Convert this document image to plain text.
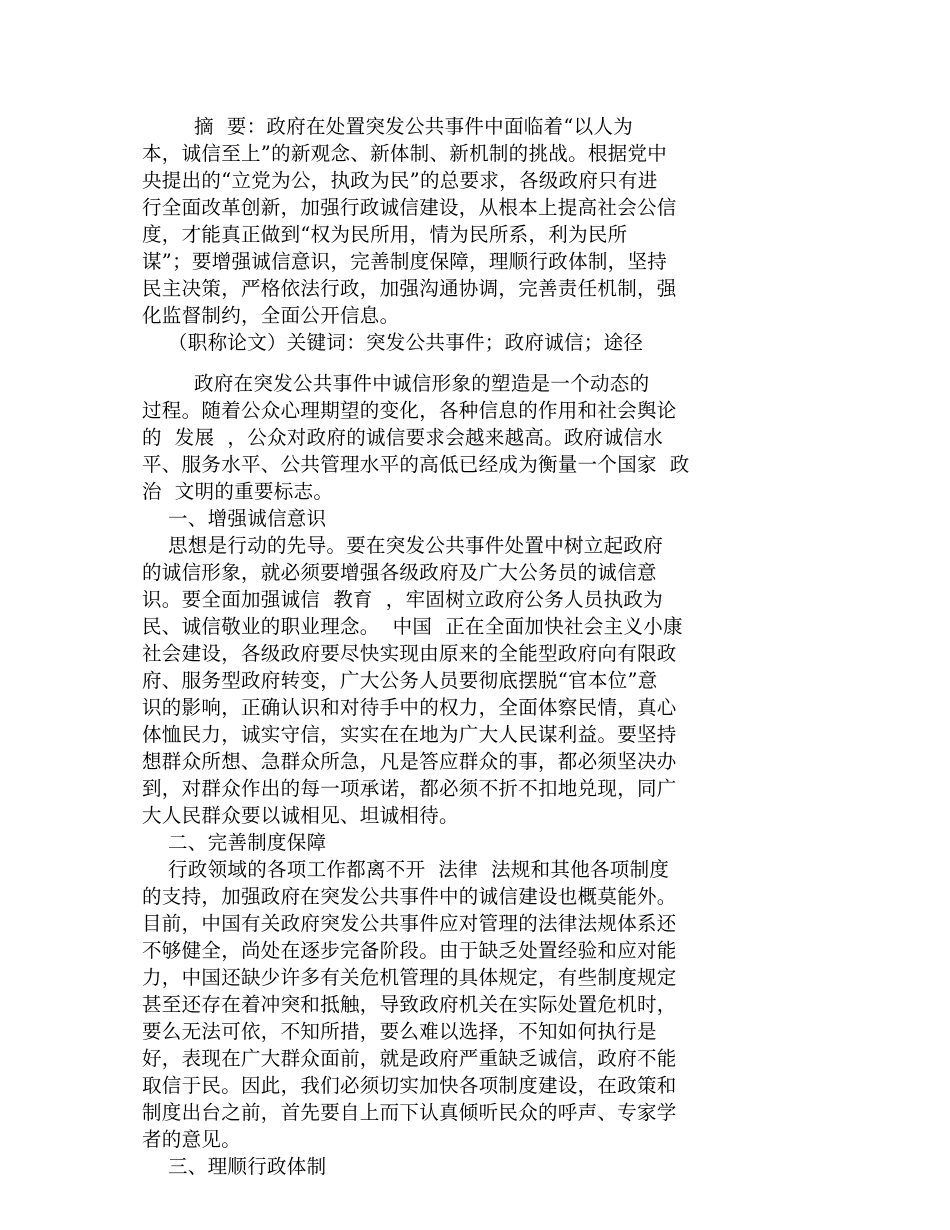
摘  要：政府在处置突发公共事件中面临着“以人为
本，诚信至上”的新观念、新体制、新机制的挑战。根据党中
央提出的“立党为公，执政为民”的总要求，各级政府只有进
行全面改革创新，加强行政诚信建设，从根本上提高社会公信
度，才能真正做到“权为民所用，情为民所系，利为民所
谋”；要增强诚信意识，完善制度保障，理顺行政体制，坚持
民主决策，严格依法行政，加强沟通协调，完善责任机制，强
化监督制约，全面公开信息。
（职称论文）关键词：突发公共事件；政府诚信；途径
政府在突发公共事件中诚信形象的塑造是一个动态的
过程。随着公众心理期望的变化，各种信息的作用和社会舆论
的  发展  ，公众对政府的诚信要求会越来越高。政府诚信水
平、服务水平、公共管理水平的高低已经成为衡量一个国家  政
治  文明的重要标志。
一、增强诚信意识
思想是行动的先导。要在突发公共事件处置中树立起政府
的诚信形象，就必须要增强各级政府及广大公务员的诚信意
识。要全面加强诚信  教育  ，牢固树立政府公务人员执政为
民、诚信敬业的职业理念。  中国  正在全面加快社会主义小康
社会建设，各级政府要尽快实现由原来的全能型政府向有限政
府、服务型政府转变，广大公务人员要彻底摆脱“官本位”意
识的影响，正确认识和对待手中的权力，全面体察民情，真心
体恤民力，诚实守信，实实在在地为广大人民谋利益。要坚持
想群众所想、急群众所急，凡是答应群众的事，都必须坚决办
到，对群众作出的每一项承诺，都必须不折不扣地兑现，同广
大人民群众要以诚相见、坦诚相待。
二、完善制度保障
行政领域的各项工作都离不开  法律  法规和其他各项制度
的支持，加强政府在突发公共事件中的诚信建设也概莫能外。
目前，中国有关政府突发公共事件应对管理的法律法规体系还
不够健全，尚处在逐步完备阶段。由于缺乏处置经验和应对能
力，中国还缺少许多有关危机管理的具体规定，有些制度规定
甚至还存在着冲突和抵触，导致政府机关在实际处置危机时，
要么无法可依，不知所措，要么难以选择，不知如何执行是
好，表现在广大群众面前，就是政府严重缺乏诚信，政府不能
取信于民。因此，我们必须切实加快各项制度建设，在政策和
制度出台之前，首先要自上而下认真倾听民众的呼声、专家学
者的意见。
三、理顺行政体制
